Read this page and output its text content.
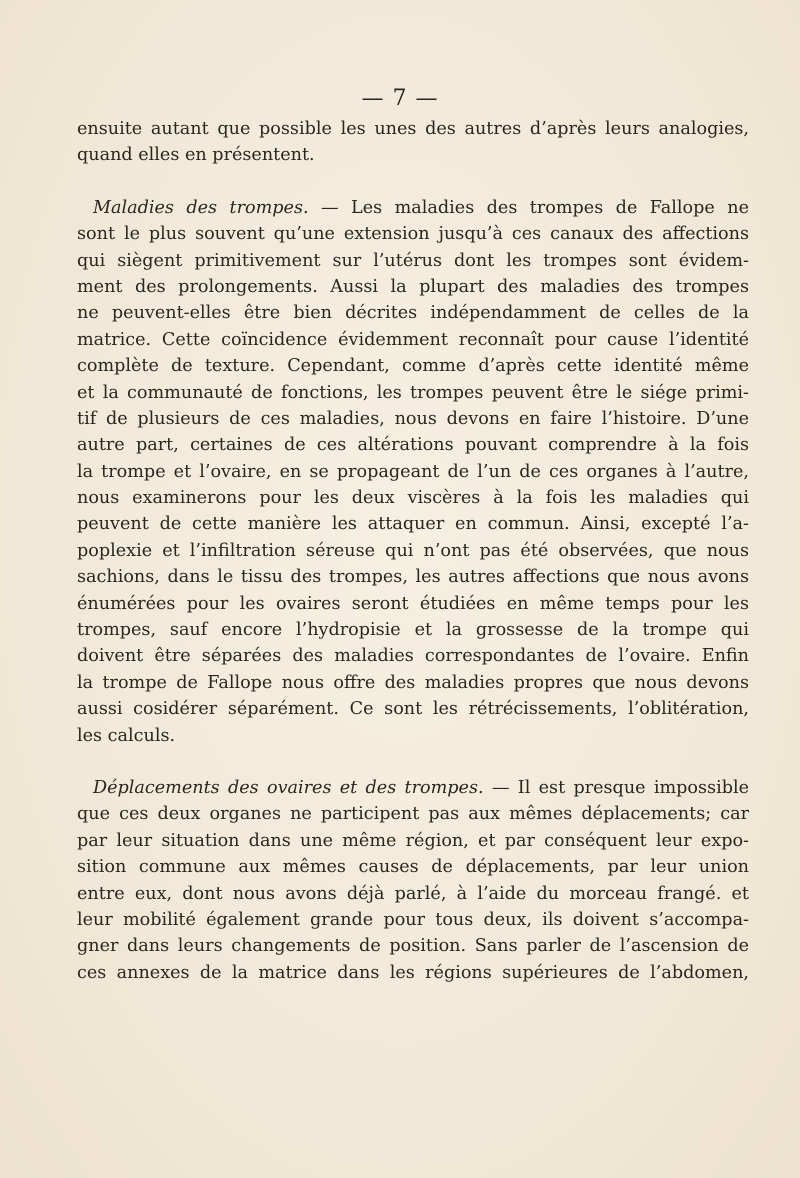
— 7 —
ensuite autant que possible les unes des autres d’après leurs analogies,
quand elles en présentent.
Maladies des trompes. — Les maladies des trompes de Fallope ne
sont le plus souvent qu’une extension jusqu’à ces canaux des affections
qui siègent primitivement sur l’utérus dont les trompes sont évidem-
ment des prolongements. Aussi la plupart des maladies des trompes
ne peuvent-elles être bien décrites indépendamment de celles de la
matrice. Cette coïncidence évidemment reconnaît pour cause l’identité
complète de texture. Cependant, comme d’après cette identité même
et la communauté de fonctions, les trompes peuvent être le siége primi-
tif de plusieurs de ces maladies, nous devons en faire l’histoire. D’une
autre part, certaines de ces altérations pouvant comprendre à la fois
la trompe et l’ovaire, en se propageant de l’un de ces organes à l’autre,
nous examinerons pour les deux viscères à la fois les maladies qui
peuvent de cette manière les attaquer en commun. Ainsi, excepté l’a-
poplexie et l’infiltration séreuse qui n’ont pas été observées, que nous
sachions, dans le tissu des trompes, les autres affections que nous avons
énumérées pour les ovaires seront étudiées en même temps pour les
trompes, sauf encore l’hydropisie et la grossesse de la trompe qui
doivent être séparées des maladies correspondantes de l’ovaire. Enfin
la trompe de Fallope nous offre des maladies propres que nous devons
aussi cosidérer séparément. Ce sont les rétrécissements, l’oblitération,
les calculs.
Déplacements des ovaires et des trompes. — Il est presque impossible
que ces deux organes ne participent pas aux mêmes déplacements; car
par leur situation dans une même région, et par conséquent leur expo-
sition commune aux mêmes causes de déplacements, par leur union
entre eux, dont nous avons déjà parlé, à l’aide du morceau frangé. et
leur mobilité également grande pour tous deux, ils doivent s’accompa-
gner dans leurs changements de position. Sans parler de l’ascension de
ces annexes de la matrice dans les régions supérieures de l’abdomen,
